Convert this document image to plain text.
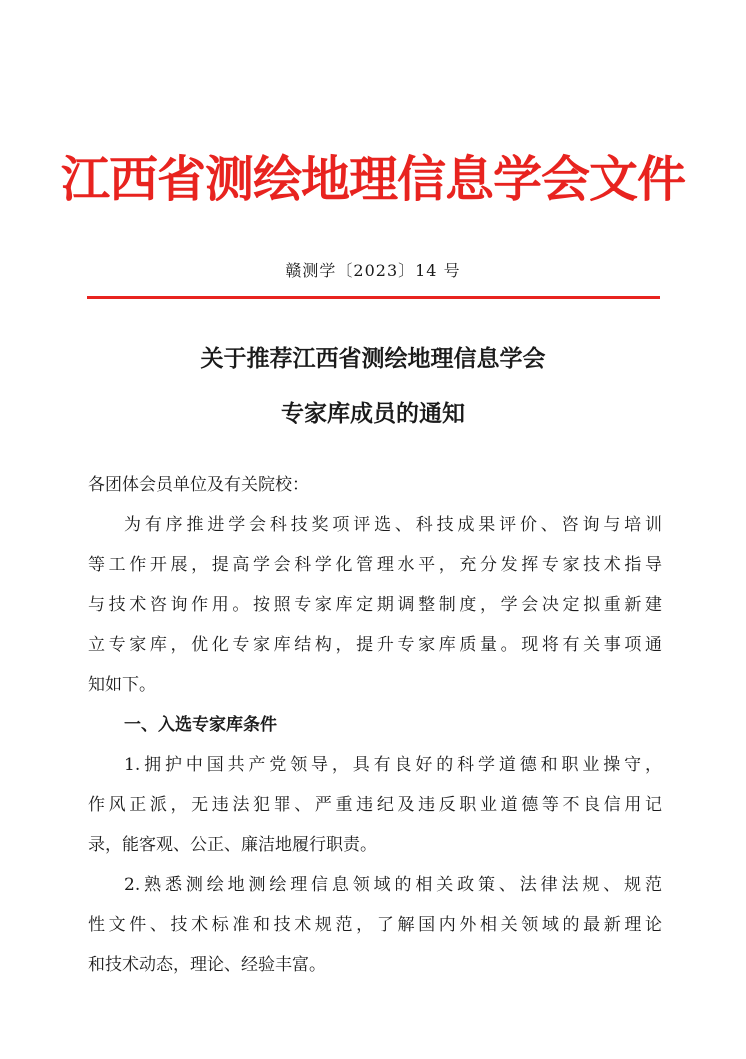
江西省测绘地理信息学会文件
赣测学〔2023〕14 号
关于推荐江西省测绘地理信息学会
专家库成员的通知
各团体会员单位及有关院校：
为有序推进学会科技奖项评选、科技成果评价、咨询与培训
等工作开展，提高学会科学化管理水平，充分发挥专家技术指导
与技术咨询作用。按照专家库定期调整制度，学会决定拟重新建
立专家库，优化专家库结构，提升专家库质量。现将有关事项通
知如下。
一、入选专家库条件
1.拥护中国共产党领导，具有良好的科学道德和职业操守，
作风正派，无违法犯罪、严重违纪及违反职业道德等不良信用记
录，能客观、公正、廉洁地履行职责。
2.熟悉测绘地测绘理信息领域的相关政策、法律法规、规范
性文件、技术标准和技术规范，了解国内外相关领域的最新理论
和技术动态，理论、经验丰富。
